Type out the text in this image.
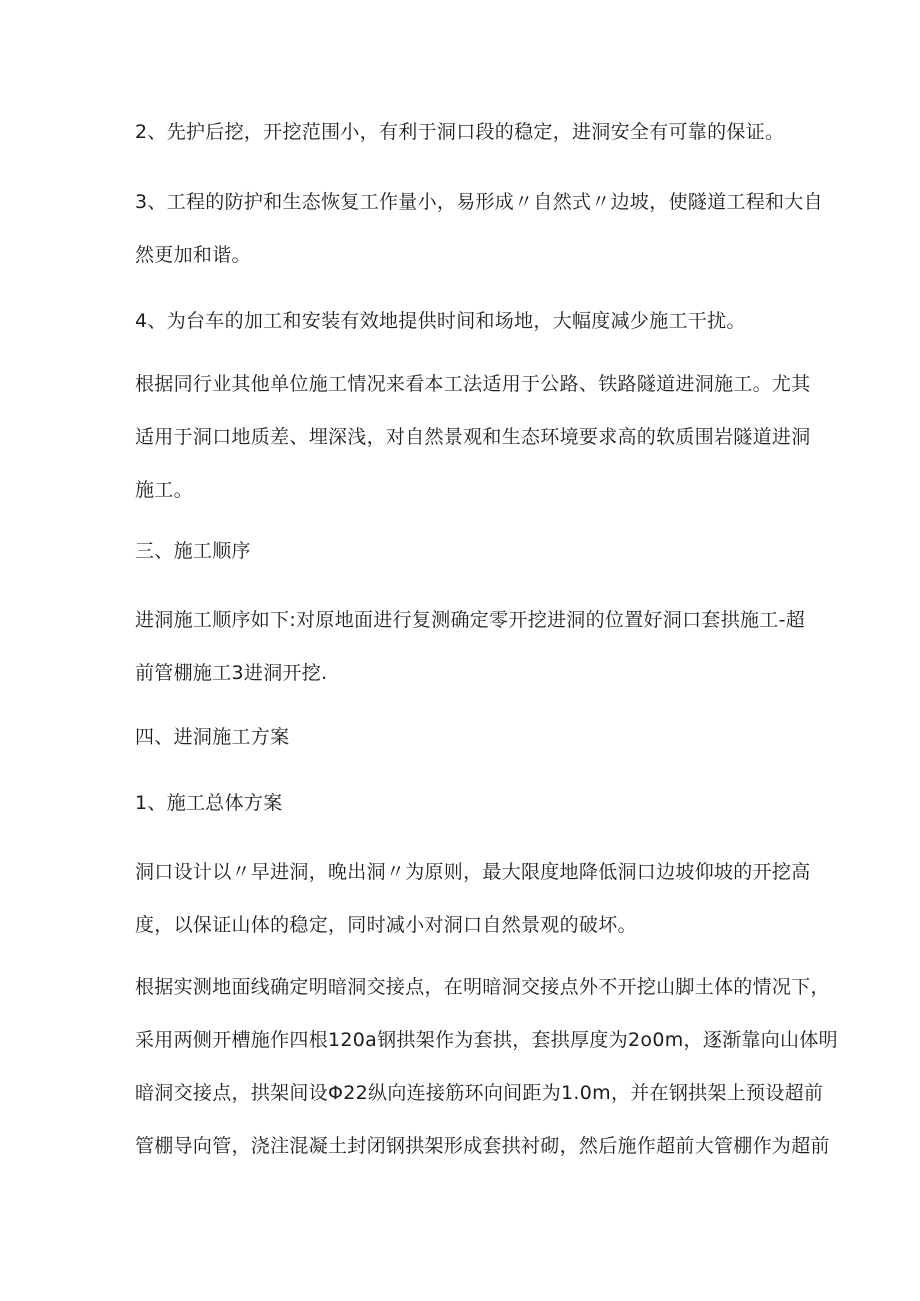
2、先护后挖，开挖范围小，有利于洞口段的稳定，进洞安全有可靠的保证。

3、工程的防护和生态恢复工作量小，易形成〃自然式〃边坡，使隧道工程和大自
然更加和谐。

4、为台车的加工和安装有效地提供时间和场地，大幅度减少施工干扰。

根据同行业其他单位施工情况来看本工法适用于公路、铁路隧道进洞施工。尤其
适用于洞口地质差、埋深浅，对自然景观和生态环境要求高的软质围岩隧道进洞
施工。

三、施工顺序

进洞施工顺序如下:对原地面进行复测确定零开挖进洞的位置好洞口套拱施工-超
前管棚施工3进洞开挖.

四、进洞施工方案
1、施工总体方案

洞口设计以〃早进洞，晚出洞〃为原则，最大限度地降低洞口边坡仰坡的开挖高
度，以保证山体的稳定，同时减小对洞口自然景观的破坏。

根据实测地面线确定明暗洞交接点，在明暗洞交接点外不开挖山脚土体的情况下，
采用两侧开槽施作四根120a钢拱架作为套拱，套拱厚度为2o0m，逐渐靠向山体明
暗洞交接点，拱架间设Φ22纵向连接筋环向间距为1.0m，并在钢拱架上预设超前
管棚导向管，浇注混凝土封闭钢拱架形成套拱衬砌，然后施作超前大管棚作为超前
